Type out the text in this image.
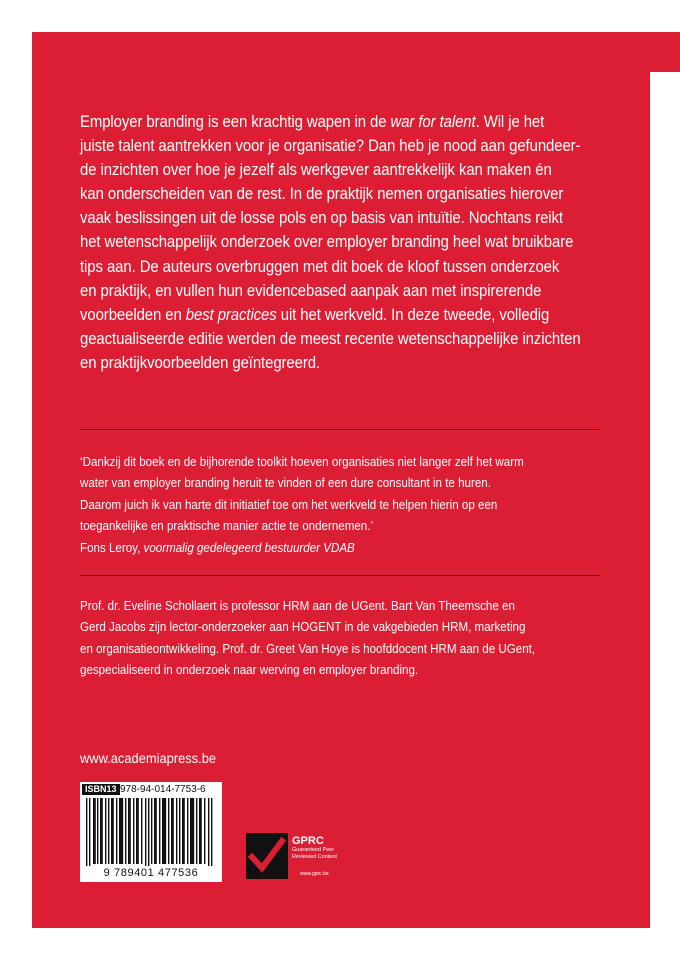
Employer branding is een krachtig wapen in de war for talent. Wil je het
juiste talent aantrekken voor je organisatie? Dan heb je nood aan gefundeer-
de inzichten over hoe je jezelf als werkgever aantrekkelijk kan maken én
kan onderscheiden van de rest. In de praktijk nemen organisaties hierover
vaak beslissingen uit de losse pols en op basis van intuïtie. Nochtans reikt
het wetenschappelijk onderzoek over employer branding heel wat bruikbare
tips aan. De auteurs overbruggen met dit boek de kloof tussen onderzoek
en praktijk, en vullen hun evidencebased aanpak aan met inspirerende
voorbeelden en best practices uit het werkveld. In deze tweede, volledig
geactualiseerde editie werden de meest recente wetenschappelijke inzichten
en praktijkvoorbeelden geïntegreerd.
‘Dankzij dit boek en de bijhorende toolkit hoeven organisaties niet langer zelf het warm
water van employer branding heruit te vinden of een dure consultant in te huren.
Daarom juich ik van harte dit initiatief toe om het werkveld te helpen hierin op een
toegankelijke en praktische manier actie te ondernemen.’
Fons Leroy, voormalig gedelegeerd bestuurder VDAB
Prof. dr. Eveline Schollaert is professor HRM aan de UGent. Bart Van Theemsche en
Gerd Jacobs zijn lector-onderzoeker aan HOGENT in de vakgebieden HRM, marketing
en organisatieontwikkeling. Prof. dr. Greet Van Hoye is hoofddocent HRM aan de UGent,
gespecialiseerd in onderzoek naar werving en employer branding.
www.academiapress.be
ISBN13 978-94-014-7753-6
9 789401 477536
GPRC
Guaranteed Peer Reviewed Content
www.gprc.be
